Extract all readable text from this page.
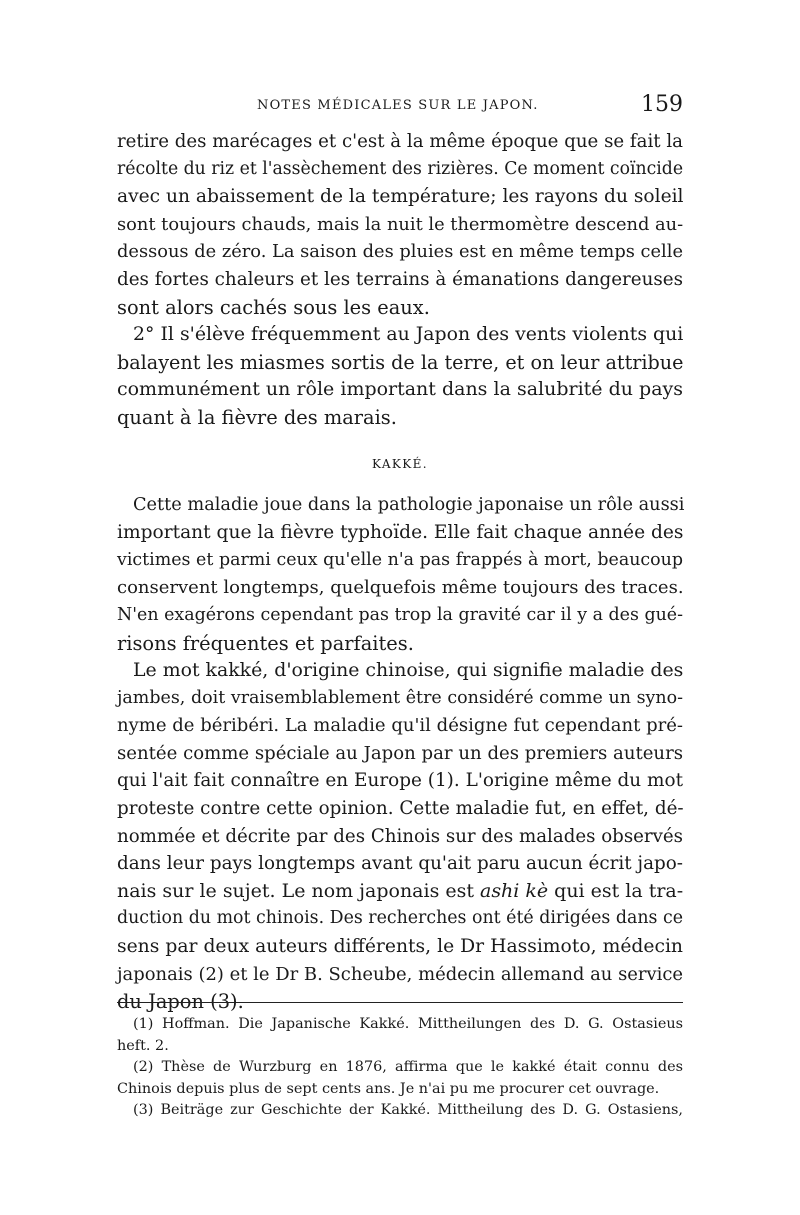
NOTES MÉDICALES SUR LE JAPON.	159
retire des marécages et c'est à la même époque que se fait la
récolte du riz et l'assèchement des rizières. Ce moment coïncide
avec un abaissement de la température; les rayons du soleil
sont toujours chauds, mais la nuit le thermomètre descend au-
dessous de zéro. La saison des pluies est en même temps celle
des fortes chaleurs et les terrains à émanations dangereuses
sont alors cachés sous les eaux.
2° Il s'élève fréquemment au Japon des vents violents qui
balayent les miasmes sortis de la terre, et on leur attribue
communément un rôle important dans la salubrité du pays
quant à la fièvre des marais.
KAKKÉ.
Cette maladie joue dans la pathologie japonaise un rôle aussi
important que la fièvre typhoïde. Elle fait chaque année des
victimes et parmi ceux qu'elle n'a pas frappés à mort, beaucoup
conservent longtemps, quelquefois même toujours des traces.
N'en exagérons cependant pas trop la gravité car il y a des gué-
risons fréquentes et parfaites.
Le mot kakké, d'origine chinoise, qui signifie maladie des
jambes, doit vraisemblablement être considéré comme un syno-
nyme de béribéri. La maladie qu'il désigne fut cependant pré-
sentée comme spéciale au Japon par un des premiers auteurs
qui l'ait fait connaître en Europe (1). L'origine même du mot
proteste contre cette opinion. Cette maladie fut, en effet, dé-
nommée et décrite par des Chinois sur des malades observés
dans leur pays longtemps avant qu'ait paru aucun écrit japo-
nais sur le sujet. Le nom japonais est ashi kè qui est la tra-
duction du mot chinois. Des recherches ont été dirigées dans ce
sens par deux auteurs différents, le Dr Hassimoto, médecin
japonais (2) et le Dr B. Scheube, médecin allemand au service
du Japon (3).
(1) Hoffman. Die Japanische Kakké. Mittheilungen des D. G. Ostasieus
heft. 2.
(2) Thèse de Wurzburg en 1876, affirma que le kakké était connu des
Chinois depuis plus de sept cents ans. Je n'ai pu me procurer cet ouvrage.
(3) Beiträge zur Geschichte der Kakké. Mittheilung des D. G. Ostasiens,
